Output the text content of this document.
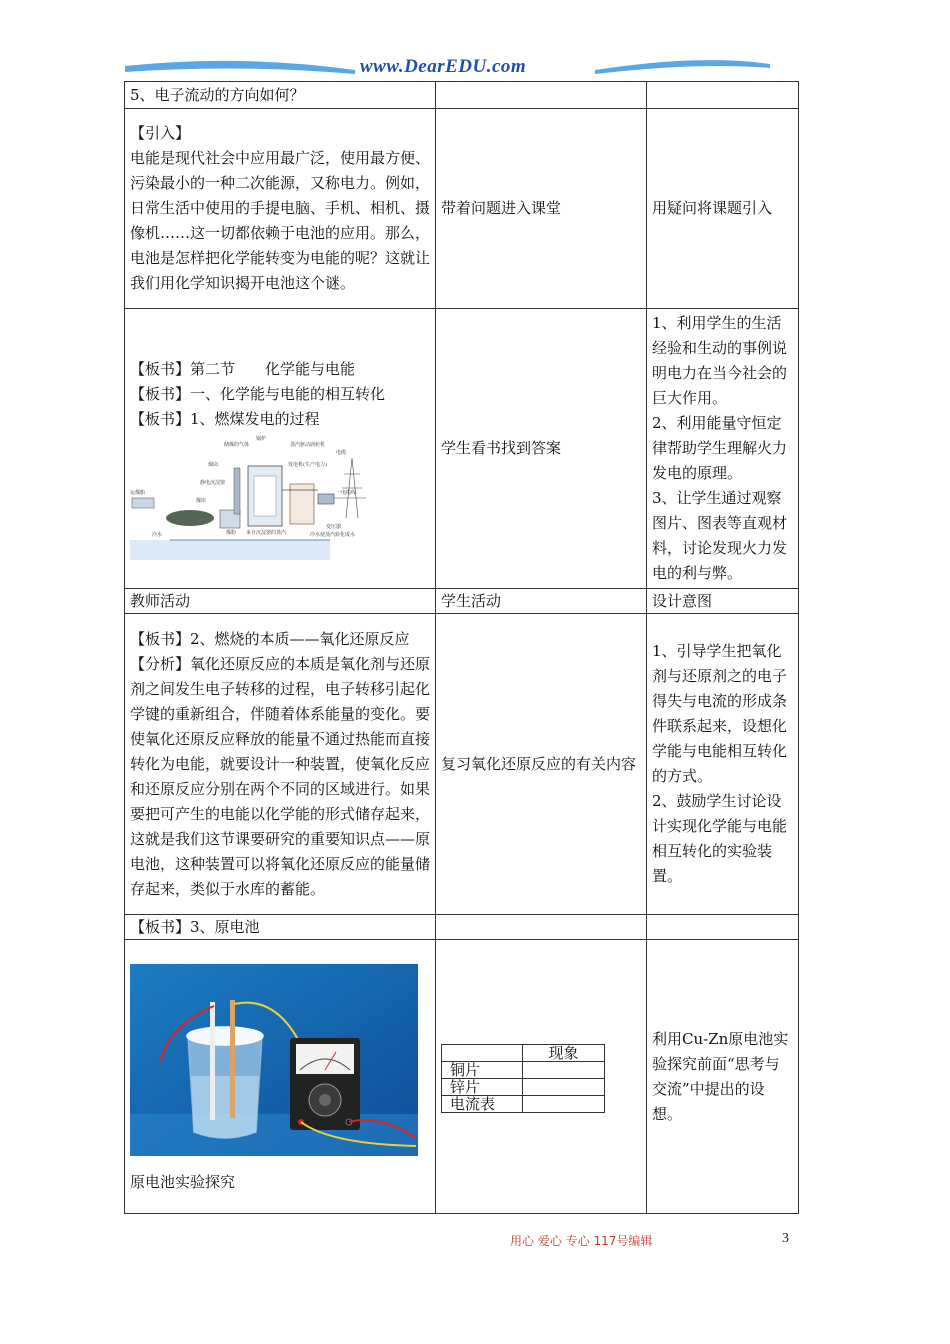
www.DearEDU.com
5、电子流动的方向如何？		

【引入】
电能是现代社会中应用最广泛，使用最方便、污染最小的一种二次能源，又称电力。例如，日常生活中使用的手提电脑、手机、相机、摄像机……这一切都依赖于电池的应用。那么，电池是怎样把化学能转变为电能的呢？这就让我们用化学知识揭开电池这个谜。
	带着问题进入课堂	用疑问将课题引入

【板书】第二节　　化学能与电能
【板书】一、化学能与电能的相互转化
【板书】1、燃煤发电的过程
运煤船
烟囱
静电沉淀器
煤库
储煤的气体
锅炉
蒸汽驱动涡轮机
发电机(生产电力)
电缆
变压器
一电缆线
冷水	煤粉 来自沉淀器的蒸汽	冷水使蒸汽转化成水
	学生看书找到答案	
1、利用学生的生活经验和生动的事例说明电力在当今社会的巨大作用。
2、利用能量守恒定律帮助学生理解火力发电的原理。
3、让学生通过观察图片、图表等直观材料，讨论发现火力发电的利与弊。

教师活动	学生活动	设计意图

【板书】2、燃烧的本质——氧化还原反应
【分析】氧化还原反应的本质是氧化剂与还原剂之间发生电子转移的过程，电子转移引起化学键的重新组合，伴随着体系能量的变化。要使氧化还原反应释放的能量不通过热能而直接转化为电能，就要设计一种装置，使氧化反应和还原反应分别在两个不同的区域进行。如果要把可产生的电能以化学能的形式储存起来，这就是我们这节课要研究的重要知识点——原电池，这种装置可以将氧化还原反应的能量储存起来，类似于水库的蓄能。
	复习氧化还原反应的有关内容	
1、引导学生把氧化剂与还原剂之的电子得失与电流的形成条件联系起来，设想化学能与电能相互转化的方式。
2、鼓励学生讨论设计实现化学能与电能相互转化的实验装置。

【板书】3、原电池		

原电池实验探究

	现象
铜片	
锌片	
电流表	
	利用Cu-Zn原电池实验探究前面“思考与交流”中提出的设想。
用心 爱心 专心 117号编辑	3
